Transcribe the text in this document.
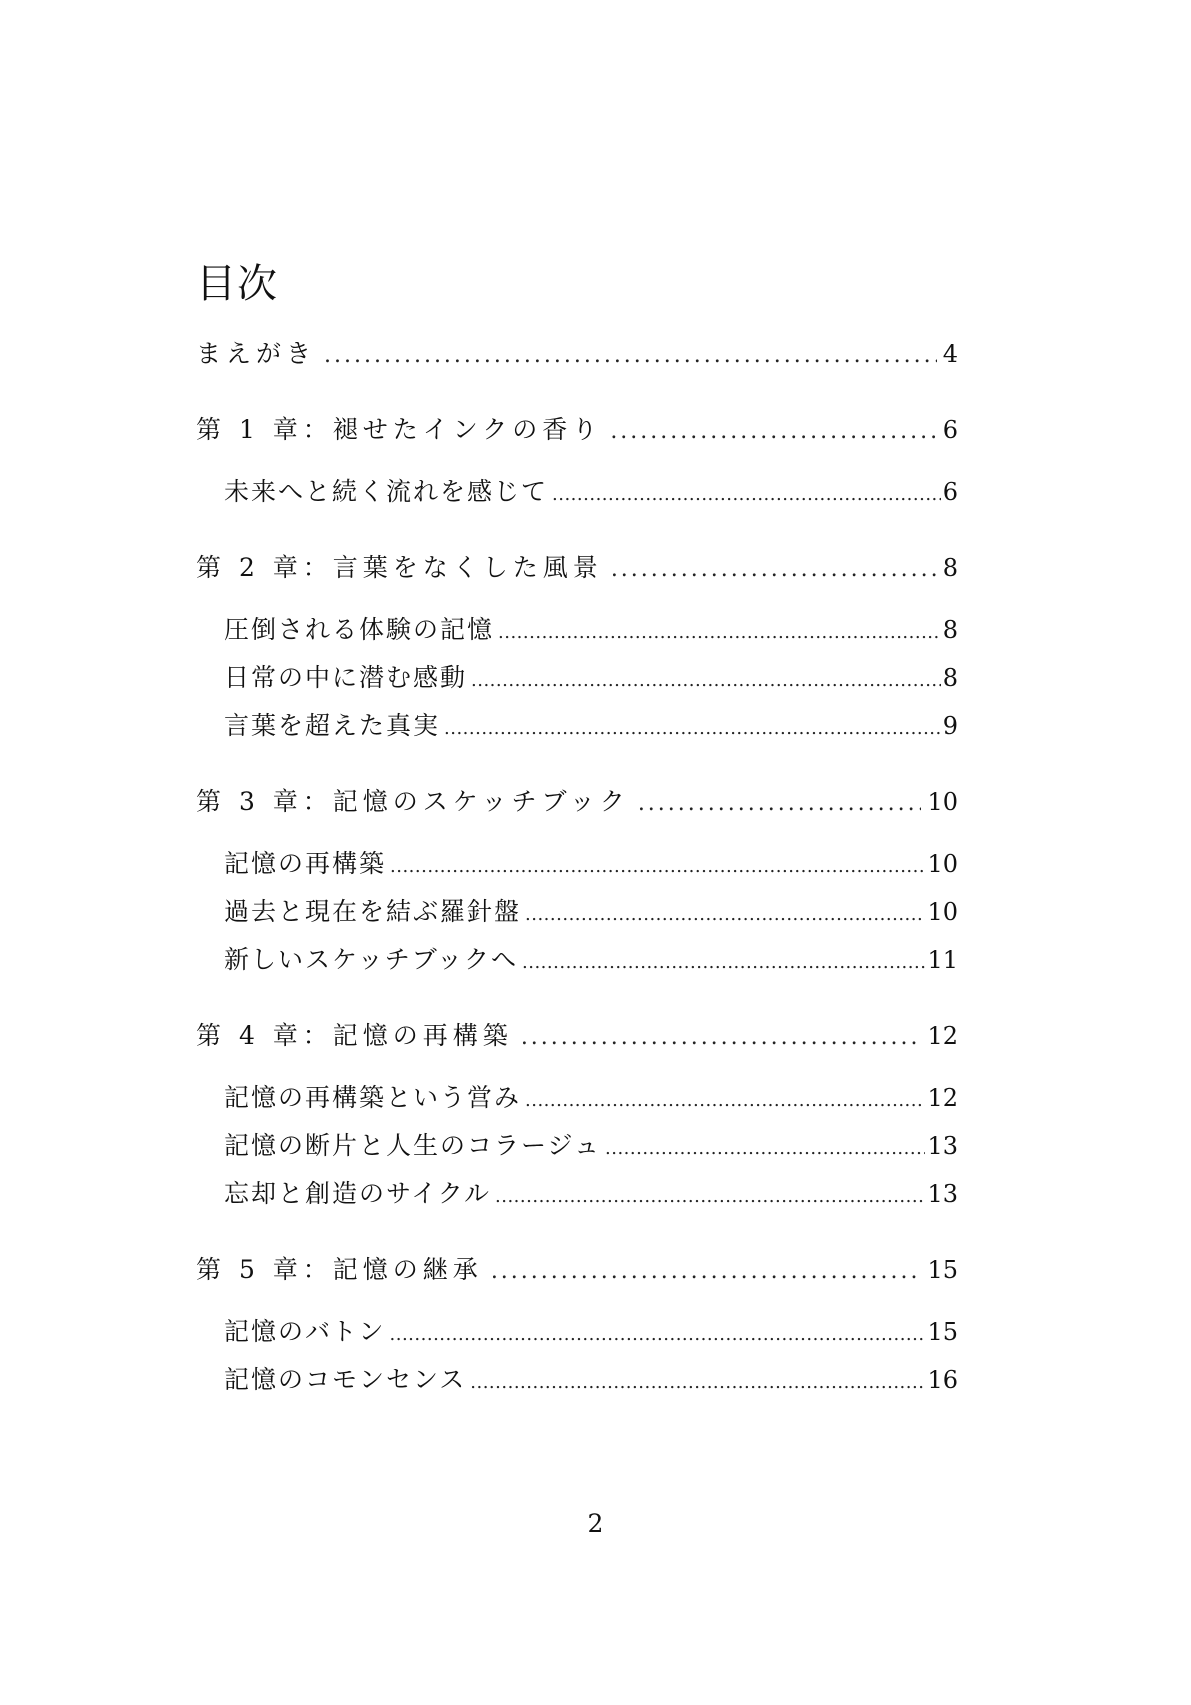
目次
まえがき .....	4
第 1 章：褪せたインクの香り .....	6
未来へと続く流れを感じて .....	6
第 2 章：言葉をなくした風景 .....	8
圧倒される体験の記憶 .....	8
日常の中に潜む感動 .....	8
言葉を超えた真実 .....	9
第 3 章：記憶のスケッチブック .....	10
記憶の再構築 .....	10
過去と現在を結ぶ羅針盤 .....	10
新しいスケッチブックへ .....	11
第 4 章：記憶の再構築 .....	12
記憶の再構築という営み .....	12
記憶の断片と人生のコラージュ .....	13
忘却と創造のサイクル .....	13
第 5 章：記憶の継承 .....	15
記憶のバトン .....	15
記憶のコモンセンス .....	16
2
